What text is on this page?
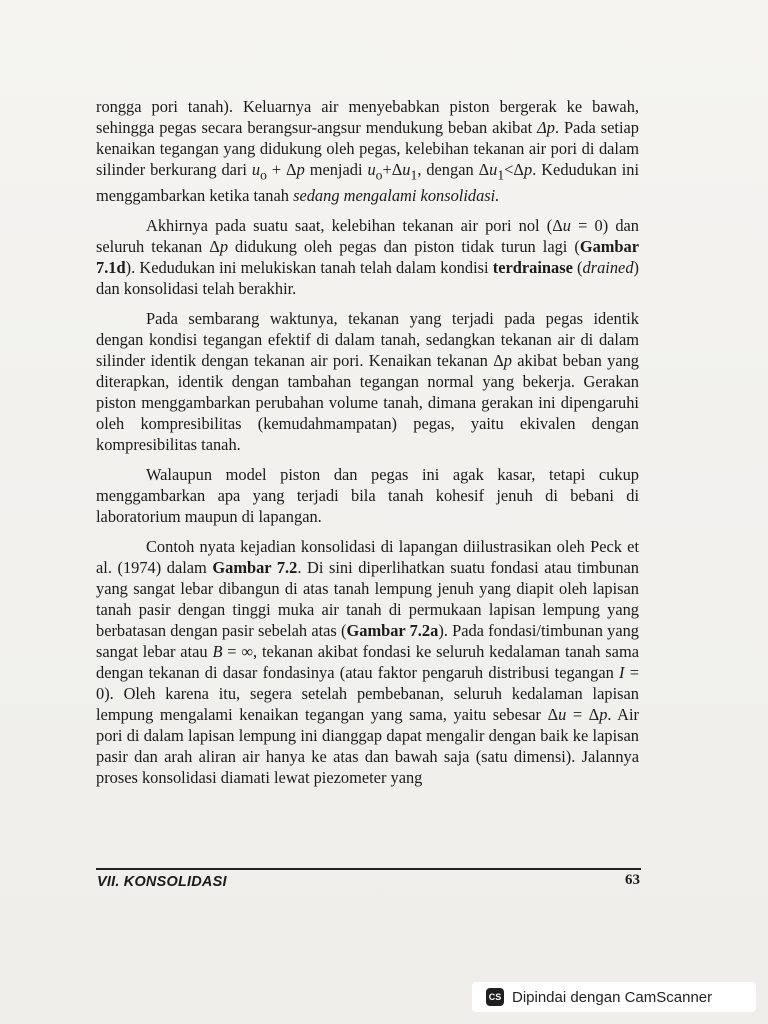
rongga pori tanah). Keluarnya air menyebabkan piston bergerak ke bawah, sehingga pegas secara berangsur-angsur mendukung beban akibat Δp. Pada setiap kenaikan tegangan yang didukung oleh pegas, kelebihan tekanan air pori di dalam silinder berkurang dari $u_o + \Delta p$ menjadi $u_o+\Delta u_1$, dengan $\Delta u_1<\Delta p$. Kedudukan ini menggambarkan ketika tanah sedang mengalami konsolidasi.

Akhirnya pada suatu saat, kelebihan tekanan air pori nol (Δu = 0) dan seluruh tekanan Δp didukung oleh pegas dan piston tidak turun lagi (Gambar 7.1d). Kedudukan ini melukiskan tanah telah dalam kondisi terdrainase (drained) dan konsolidasi telah berakhir.

Pada sembarang waktunya, tekanan yang terjadi pada pegas identik dengan kondisi tegangan efektif di dalam tanah, sedangkan tekanan air di dalam silinder identik dengan tekanan air pori. Kenaikan tekanan Δp akibat beban yang diterapkan, identik dengan tambahan tegangan normal yang bekerja. Gerakan piston menggambarkan perubahan volume tanah, dimana gerakan ini dipengaruhi oleh kompresibilitas (kemudahmampatan) pegas, yaitu ekivalen dengan kompresibilitas tanah.

Walaupun model piston dan pegas ini agak kasar, tetapi cukup menggambarkan apa yang terjadi bila tanah kohesif jenuh di bebani di laboratorium maupun di lapangan.

Contoh nyata kejadian konsolidasi di lapangan diilustrasikan oleh Peck et al. (1974) dalam Gambar 7.2. Di sini diperlihatkan suatu fondasi atau timbunan yang sangat lebar dibangun di atas tanah lempung jenuh yang diapit oleh lapisan tanah pasir dengan tinggi muka air tanah di permukaan lapisan lempung yang berbatasan dengan pasir sebelah atas (Gambar 7.2a). Pada fondasi/timbunan yang sangat lebar atau B = ∞, tekanan akibat fondasi ke seluruh kedalaman tanah sama dengan tekanan di dasar fondasinya (atau faktor pengaruh distribusi tegangan I = 0). Oleh karena itu, segera setelah pembebanan, seluruh kedalaman lapisan lempung mengalami kenaikan tegangan yang sama, yaitu sebesar Δu = Δp. Air pori di dalam lapisan lempung ini dianggap dapat mengalir dengan baik ke lapisan pasir dan arah aliran air hanya ke atas dan bawah saja (satu dimensi). Jalannya proses konsolidasi diamati lewat piezometer yang

VII. KONSOLIDASI	63
CS Dipindai dengan CamScanner
